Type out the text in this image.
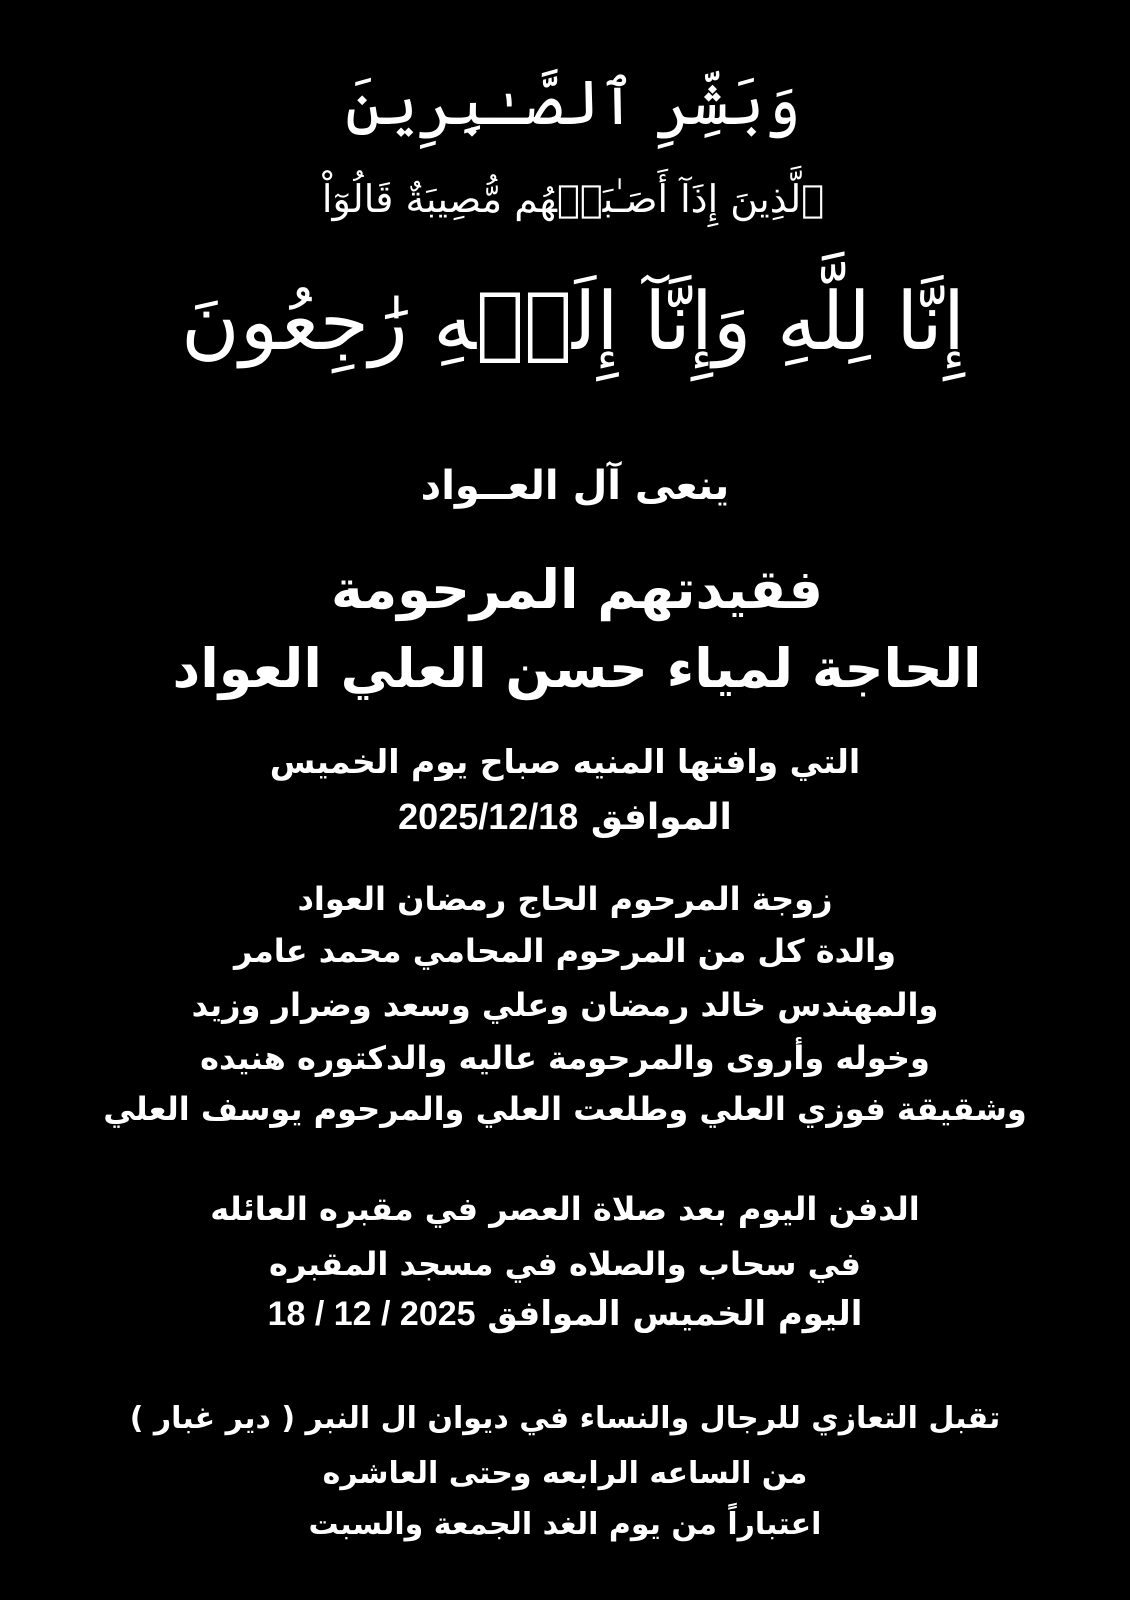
وَبَشِّرِ ٱلصَّـٰبِرِينَ
ٱلَّذِينَ إِذَآ أَصَـٰبَتۡهُم مُّصِيبَةٌ قَالُوٓاْ
إِنَّا لِلَّهِ وَإِنَّآ إِلَيۡهِ رَٰجِعُونَ
ينعى آل العــواد
فقيدتهم المرحومة
الحاجة لمياء حسن العلي العواد
التي وافتها المنيه صباح يوم الخميس
الموافق 2025/12/18
زوجة المرحوم الحاج رمضان العواد
والدة كل من المرحوم المحامي محمد عامر
والمهندس خالد رمضان وعلي وسعد وضرار وزيد
وخوله وأروى والمرحومة عاليه والدكتوره هنيده
وشقيقة فوزي العلي وطلعت العلي والمرحوم يوسف العلي
الدفن اليوم بعد صلاة العصر في مقبره العائله
في سحاب والصلاه في مسجد المقبره
اليوم الخميس الموافق 18 / 12 / 2025
تقبل التعازي للرجال والنساء في ديوان ال النبر ( دير غبار )
من الساعه الرابعه وحتى العاشره
اعتباراً من يوم الغد الجمعة والسبت
